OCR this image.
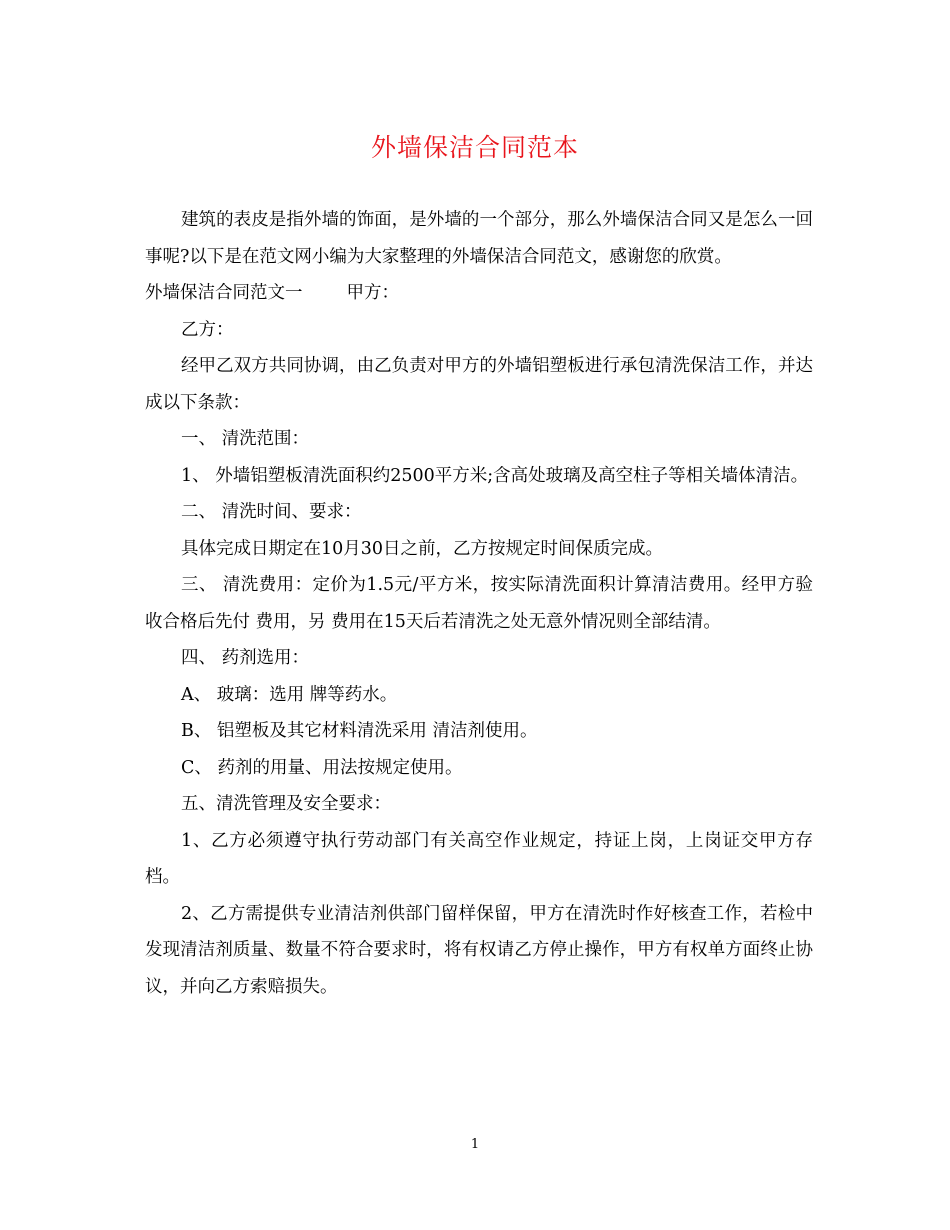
外墙保洁合同范本

建筑的表皮是指外墙的饰面，是外墙的一个部分，那么外墙保洁合同又是怎么一回事呢?以下是在范文网小编为大家整理的外墙保洁合同范文，感谢您的欣赏。

外墙保洁合同范文一	甲方：

乙方：

经甲乙双方共同协调，由乙负责对甲方的外墙铝塑板进行承包清洗保洁工作，并达成以下条款：

一、 清洗范围：

1、 外墙铝塑板清洗面积约2500平方米;含高处玻璃及高空柱子等相关墙体清洁。

二、 清洗时间、要求：

具体完成日期定在10月30日之前，乙方按规定时间保质完成。

三、 清洗费用：定价为1.5元/平方米，按实际清洗面积计算清洁费用。经甲方验收合格后先付 费用，另 费用在15天后若清洗之处无意外情况则全部结清。

四、 药剂选用：

A、 玻璃：选用 牌等药水。

B、 铝塑板及其它材料清洗采用 清洁剂使用。

C、 药剂的用量、用法按规定使用。

五、清洗管理及安全要求：

1、乙方必须遵守执行劳动部门有关高空作业规定，持证上岗，上岗证交甲方存档。

2、乙方需提供专业清洁剂供部门留样保留，甲方在清洗时作好核查工作，若检中发现清洁剂质量、数量不符合要求时，将有权请乙方停止操作，甲方有权单方面终止协议，并向乙方索赔损失。

1
